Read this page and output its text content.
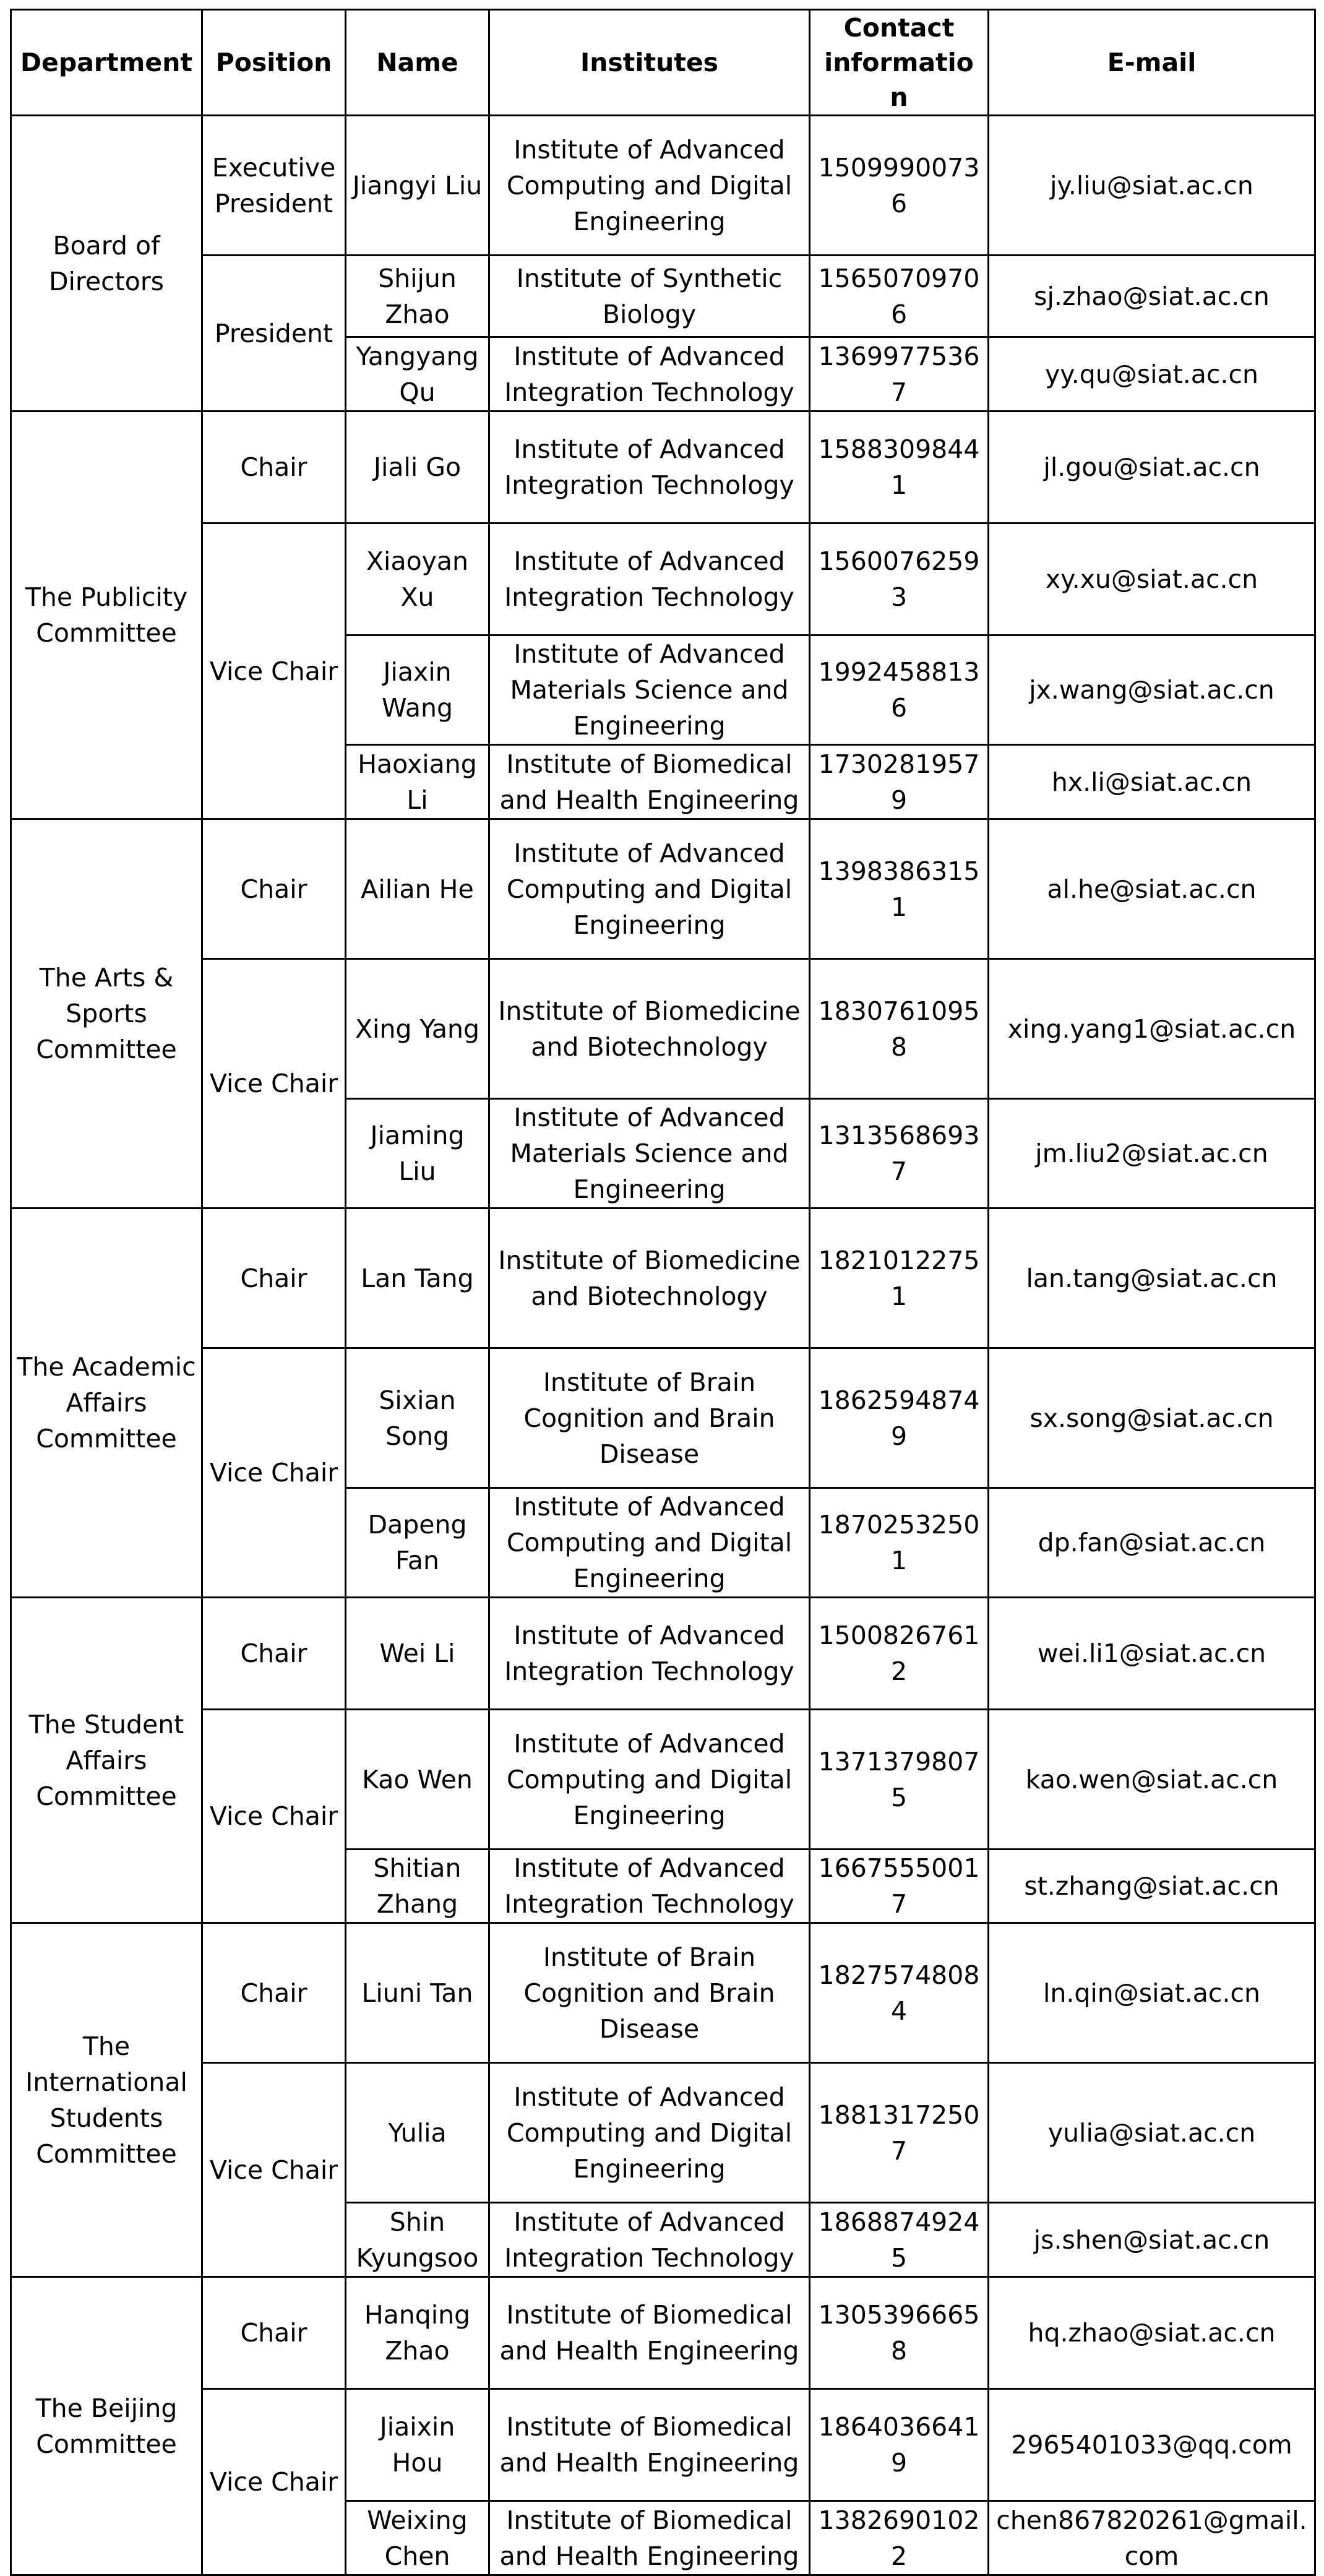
Department	Position	Name	Institutes	Contact information	E-mail
Board of Directors	Executive President	Jiangyi Liu	Institute of Advanced Computing and Digital Engineering	15099900736	jy.liu@siat.ac.cn
	President	Shijun Zhao	Institute of Synthetic Biology	15650709706	sj.zhao@siat.ac.cn
		Yangyang Qu	Institute of Advanced Integration Technology	13699775367	yy.qu@siat.ac.cn
The Publicity Committee	Chair	Jiali Go	Institute of Advanced Integration Technology	15883098441	jl.gou@siat.ac.cn
	Vice Chair	Xiaoyan Xu	Institute of Advanced Integration Technology	15600762593	xy.xu@siat.ac.cn
		Jiaxin Wang	Institute of Advanced Materials Science and Engineering	19924588136	jx.wang@siat.ac.cn
		Haoxiang Li	Institute of Biomedical and Health Engineering	17302819579	hx.li@siat.ac.cn
The Arts & Sports Committee	Chair	Ailian He	Institute of Advanced Computing and Digital Engineering	13983863151	al.he@siat.ac.cn
	Vice Chair	Xing Yang	Institute of Biomedicine and Biotechnology	18307610958	xing.yang1@siat.ac.cn
		Jiaming Liu	Institute of Advanced Materials Science and Engineering	13135686937	jm.liu2@siat.ac.cn
The Academic Affairs Committee	Chair	Lan Tang	Institute of Biomedicine and Biotechnology	18210122751	lan.tang@siat.ac.cn
	Vice Chair	Sixian Song	Institute of Brain Cognition and Brain Disease	18625948749	sx.song@siat.ac.cn
		Dapeng Fan	Institute of Advanced Computing and Digital Engineering	18702532501	dp.fan@siat.ac.cn
The Student Affairs Committee	Chair	Wei Li	Institute of Advanced Integration Technology	15008267612	wei.li1@siat.ac.cn
	Vice Chair	Kao Wen	Institute of Advanced Computing and Digital Engineering	13713798075	kao.wen@siat.ac.cn
		Shitian Zhang	Institute of Advanced Integration Technology	16675550017	st.zhang@siat.ac.cn
The International Students Committee	Chair	Liuni Tan	Institute of Brain Cognition and Brain Disease	18275748084	ln.qin@siat.ac.cn
	Vice Chair	Yulia	Institute of Advanced Computing and Digital Engineering	18813172507	yulia@siat.ac.cn
		Shin Kyungsoo	Institute of Advanced Integration Technology	18688749245	js.shen@siat.ac.cn
The Beijing Committee	Chair	Hanqing Zhao	Institute of Biomedical and Health Engineering	13053966658	hq.zhao@siat.ac.cn
	Vice Chair	Jiaixin Hou	Institute of Biomedical and Health Engineering	18640366419	2965401033@qq.com
		Weixing Chen	Institute of Biomedical and Health Engineering	13826901022	chen867820261@gmail.com
